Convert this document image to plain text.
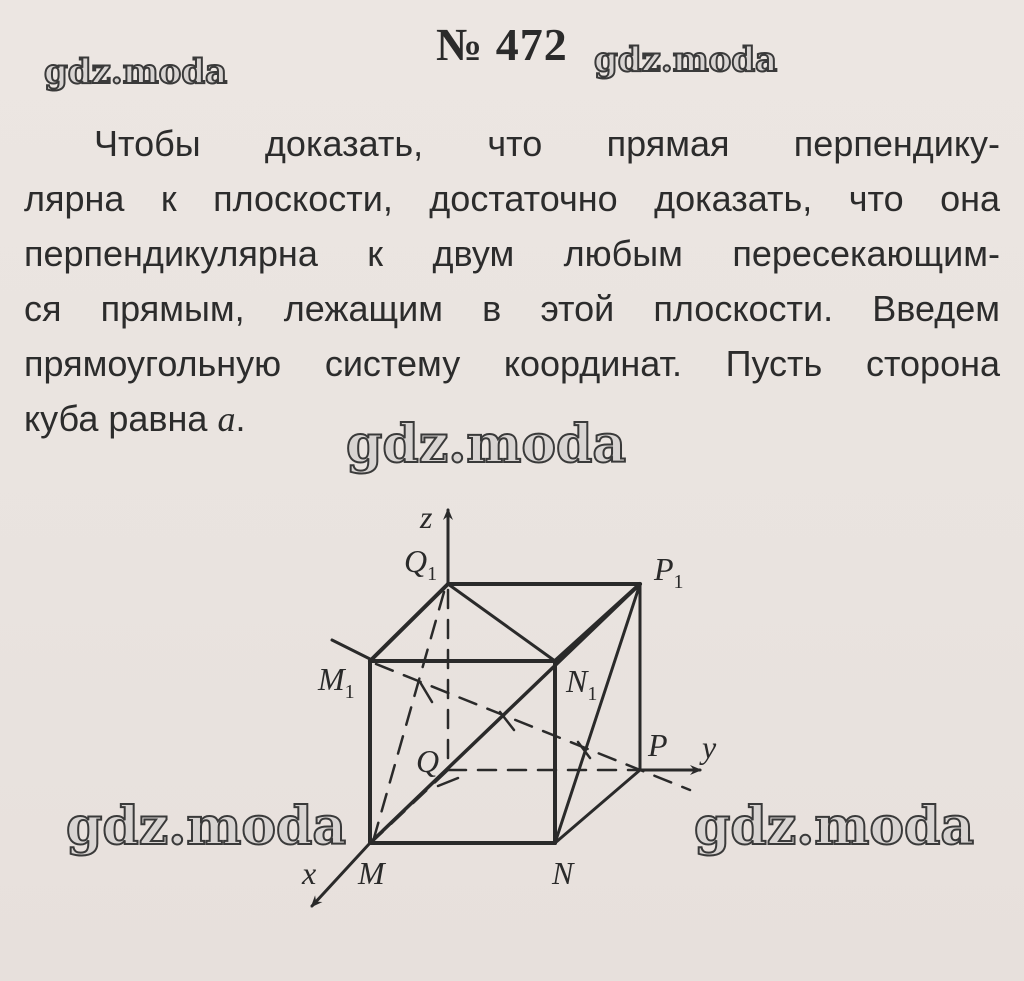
№ 472
Чтобы доказать, что прямая перпендику-
лярна к плоскости, достаточно доказать, что она
перпендикулярна к двум любым пересекающим-
ся прямым, лежащим в этой плоскости. Введем
прямоугольную систему координат. Пусть сторона
куба равна a.
z
y
x
$Q_1$	$P_1$
$M_1$	$N_1$
Q	P
M	N
gdz.moda	gdz.moda
gdz.moda
gdz.moda	gdz.moda
